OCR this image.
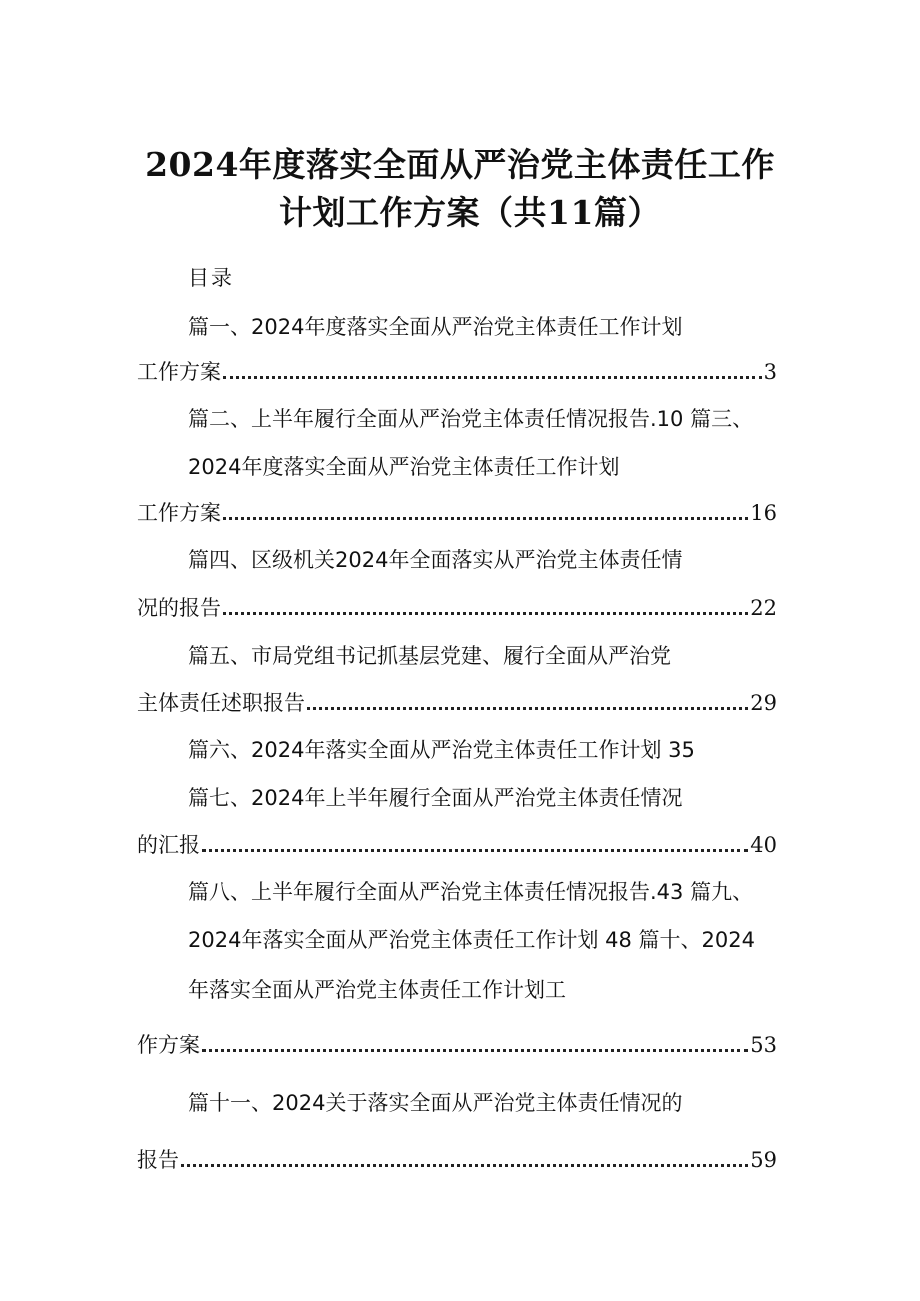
2024年度落实全面从严治党主体责任工作
计划工作方案（共11篇）
目录
篇一、2024年度落实全面从严治党主体责任工作计划
工作方案	3
篇二、上半年履行全面从严治党主体责任情况报告.10 篇三、
2024年度落实全面从严治党主体责任工作计划
工作方案	16
篇四、区级机关2024年全面落实从严治党主体责任情
况的报告	22
篇五、市局党组书记抓基层党建、履行全面从严治党
主体责任述职报告	29
篇六、2024年落实全面从严治党主体责任工作计划 35
篇七、2024年上半年履行全面从严治党主体责任情况
的汇报	40
篇八、上半年履行全面从严治党主体责任情况报告.43 篇九、
2024年落实全面从严治党主体责任工作计划 48 篇十、2024
年落实全面从严治党主体责任工作计划工
作方案	53
篇十一、2024关于落实全面从严治党主体责任情况的
报告	59
